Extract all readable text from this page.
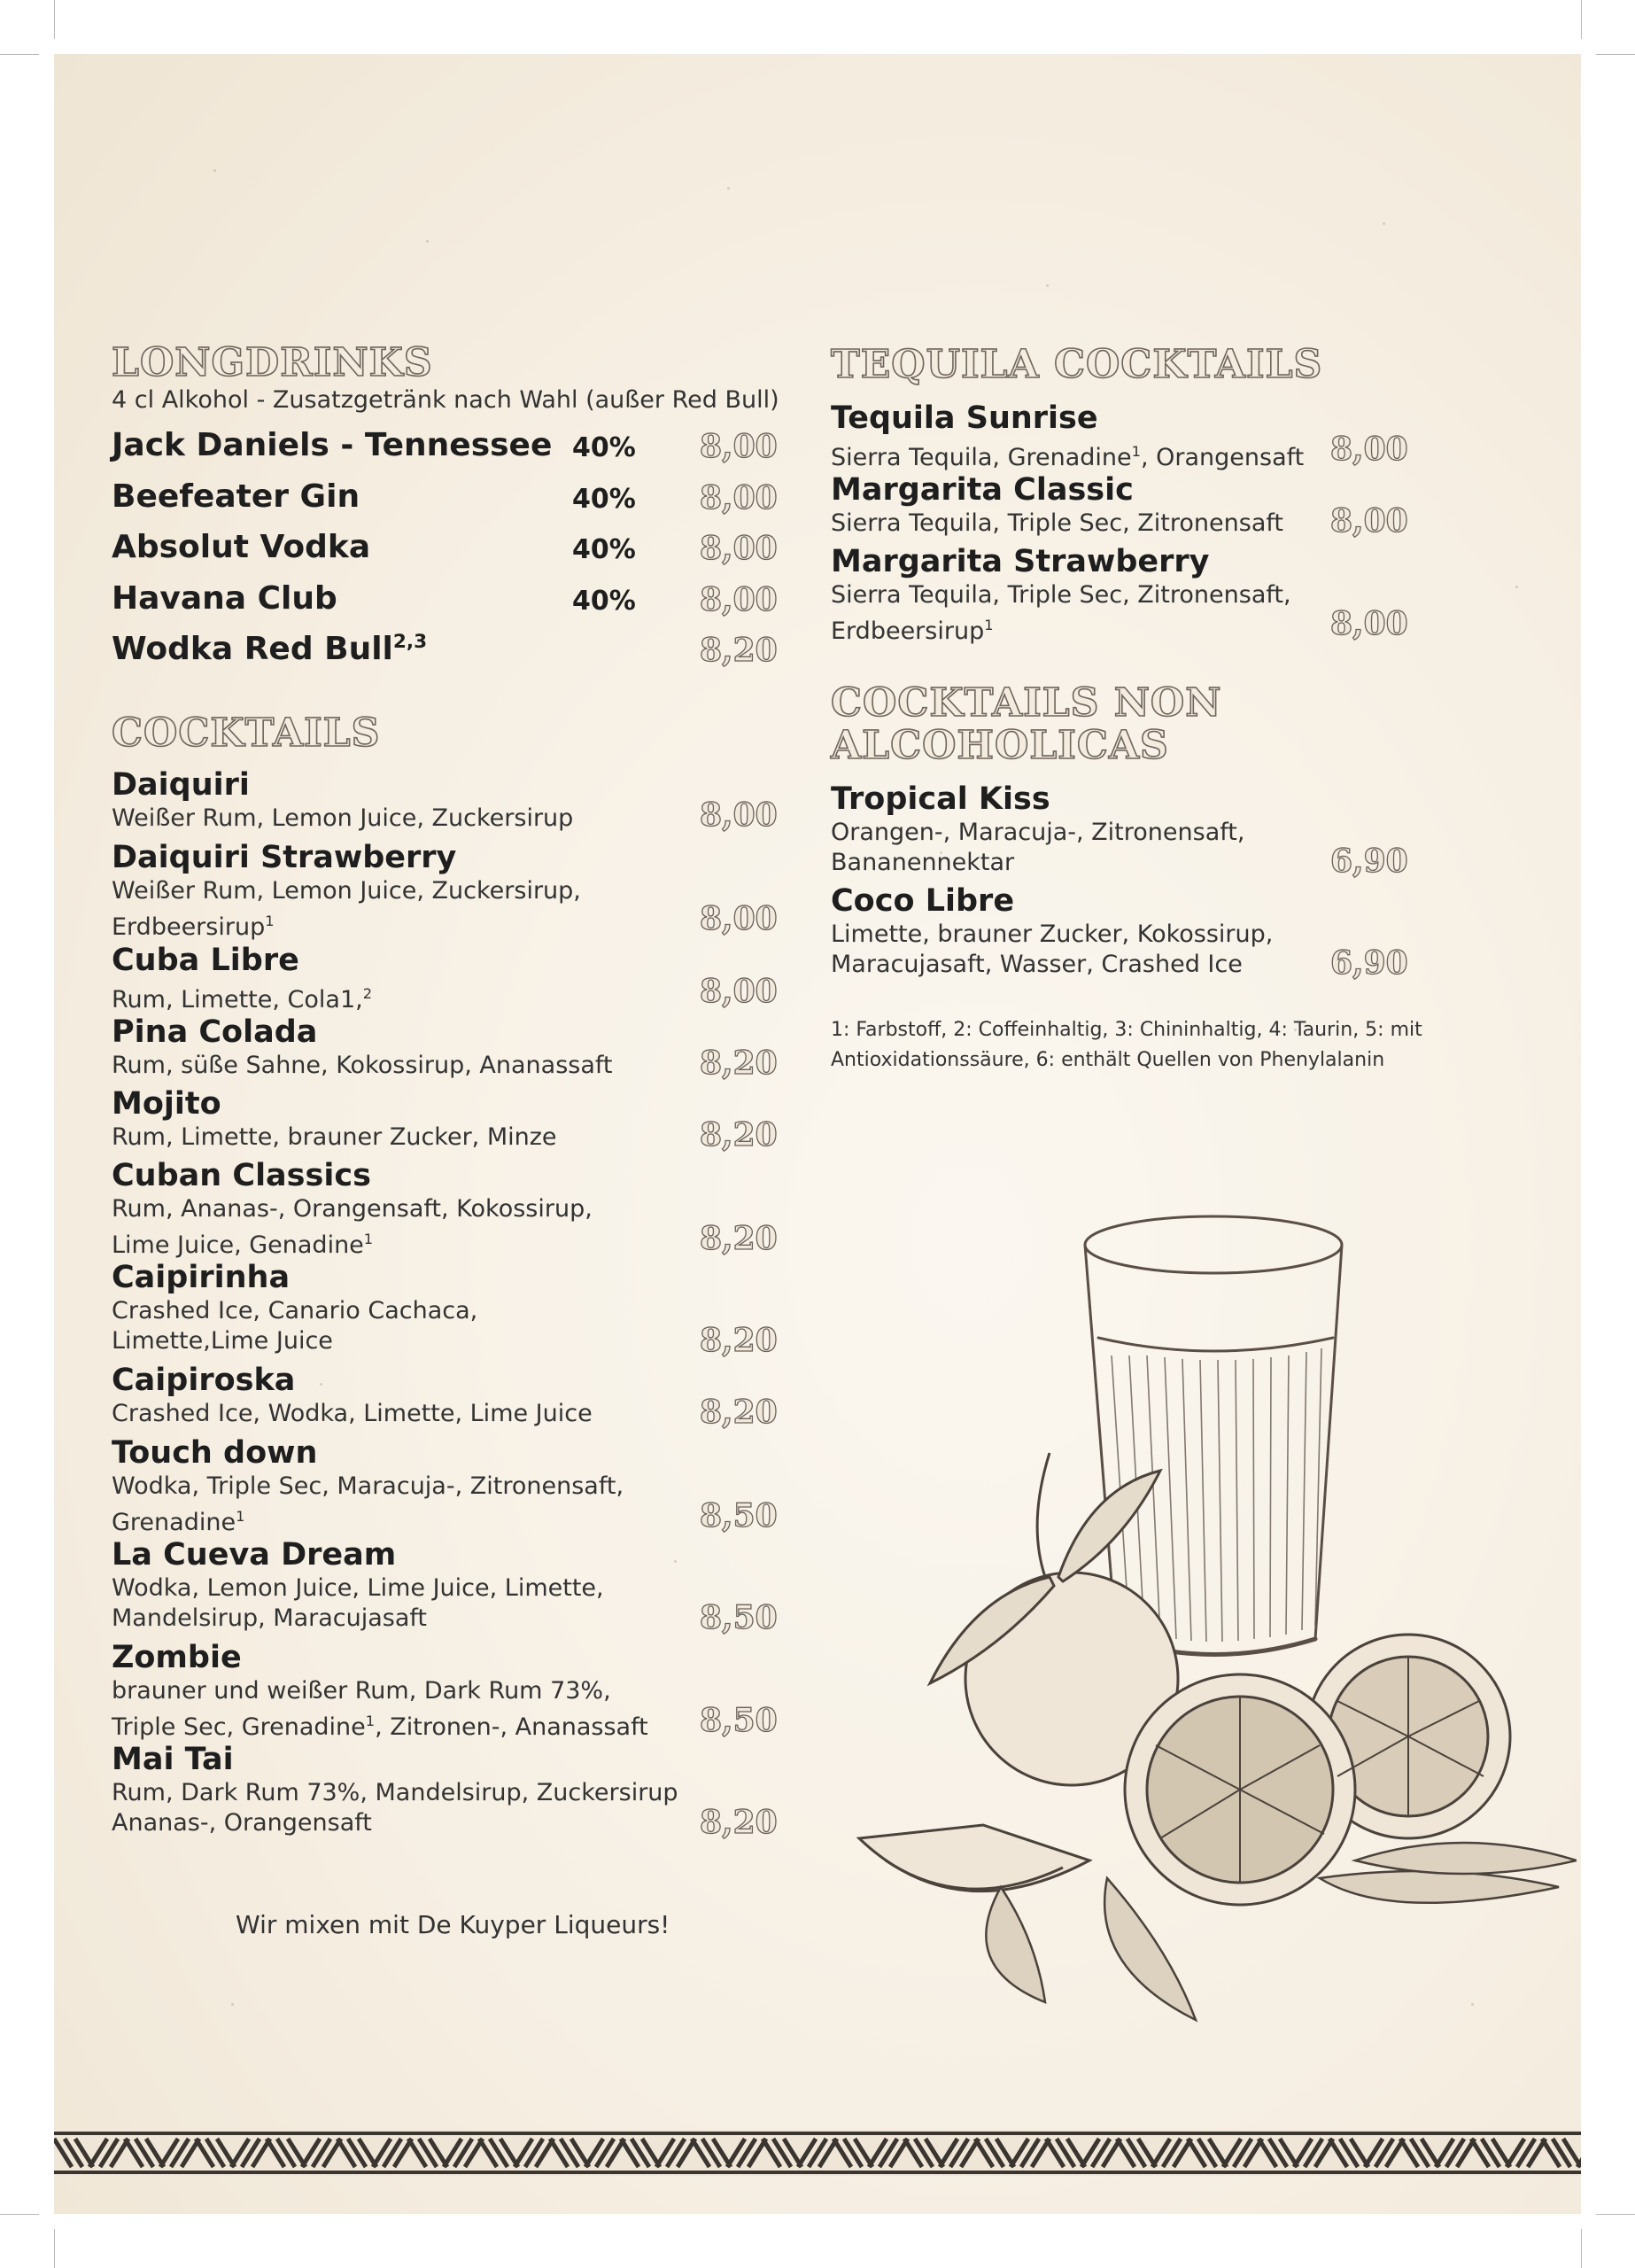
LONGDRINKS
4 cl Alkohol - Zusatzgetränk nach Wahl (außer Red Bull)
Jack Daniels - Tennessee 40% 8,00
Beefeater Gin	40% 8,00
Absolut Vodka	40% 8,00
Havana Club	40% 8,00
Wodka Red Bull$^{2,3}$	8,20
COCKTAILS
Daiquiri
Weißer Rum, Lemon Juice, Zuckersirup	8,00
Daiquiri Strawberry
Weißer Rum, Lemon Juice, Zuckersirup,
Erdbeersirup$^1$	8,00
Cuba Libre
Rum, Limette, Cola1,$^2$	8,00
Pina Colada
Rum, süße Sahne, Kokossirup, Ananassaft	8,20
Mojito
Rum, Limette, brauner Zucker, Minze	8,20
Cuban Classics
Rum, Ananas-, Orangensaft, Kokossirup,
Lime Juice, Genadine$^1$	8,20
Caipirinha
Crashed Ice, Canario Cachaca,
Limette,Lime Juice	8,20
Caipiroska
Crashed Ice, Wodka, Limette, Lime Juice	8,20
Touch down
Wodka, Triple Sec, Maracuja-, Zitronensaft,
Grenadine$^1$	8,50
La Cueva Dream
Wodka, Lemon Juice, Lime Juice, Limette,
Mandelsirup, Maracujasaft	8,50
Zombie
brauner und weißer Rum, Dark Rum 73%,
Triple Sec, Grenadine$^1$, Zitronen-, Ananassaft 8,50
Mai Tai
Rum, Dark Rum 73%, Mandelsirup, Zuckersirup
Ananas-, Orangensaft	8,20
Wir mixen mit De Kuyper Liqueurs!
TEQUILA COCKTAILS
Tequila Sunrise
Sierra Tequila, Grenadine$^1$, Orangensaft 8,00
Margarita Classic
Sierra Tequila, Triple Sec, Zitronensaft 8,00
Margarita Strawberry
Sierra Tequila, Triple Sec, Zitronensaft,
Erdbeersirup$^1$	8,00
COCKTAILS NON
ALCOHOLICAS
Tropical Kiss
Orangen-, Maracuja-, Zitronensaft,
Bananennektar	6,90
Coco Libre
Limette, brauner Zucker, Kokossirup,
Maracujasaft, Wasser, Crashed Ice	6,90
1: Farbstoff, 2: Coffeinhaltig, 3: Chininhaltig, 4: Taurin, 5: mit
Antioxidationssäure, 6: enthält Quellen von Phenylalanin
